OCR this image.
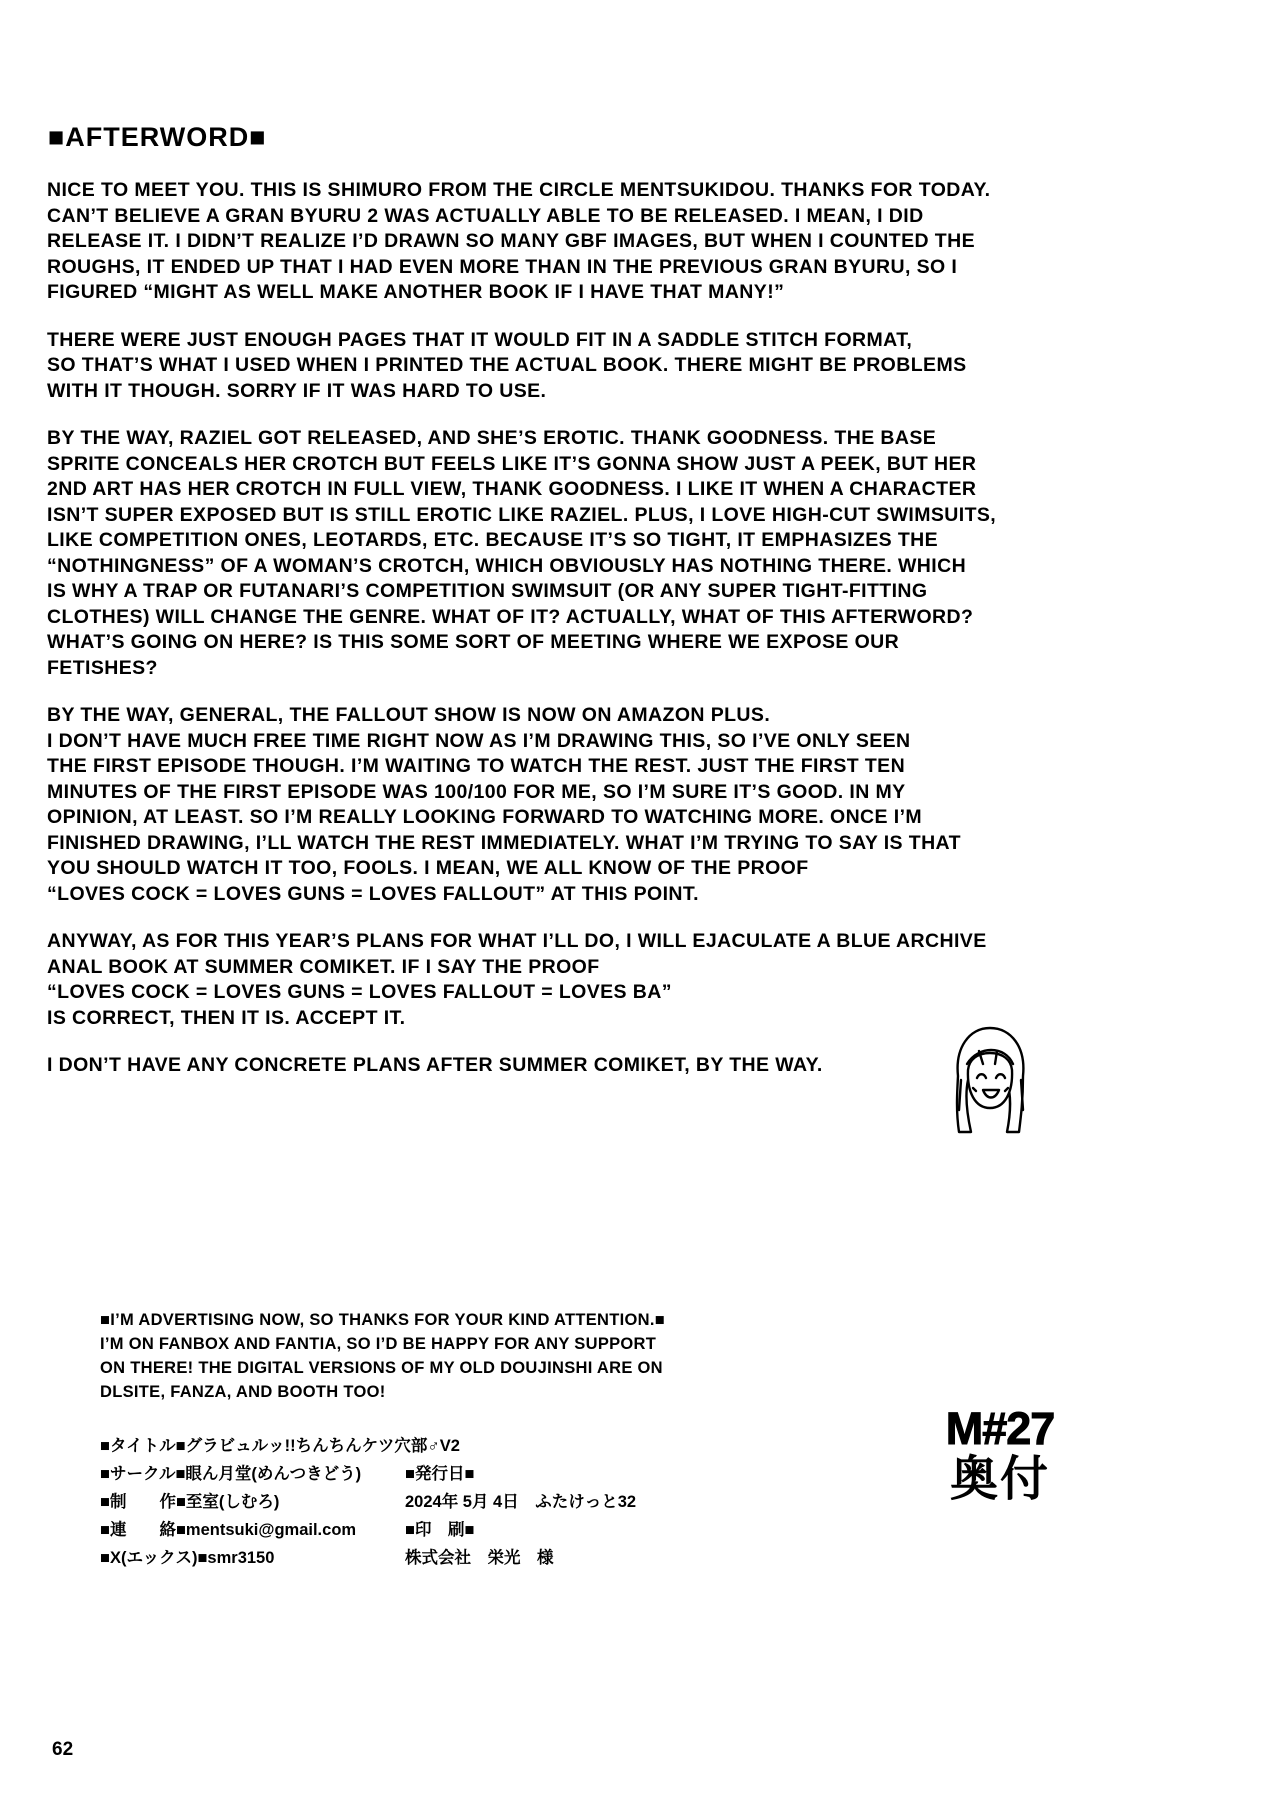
■AFTERWORD■

NICE TO MEET YOU. THIS IS SHIMURO FROM THE CIRCLE MENTSUKIDOU. THANKS FOR TODAY.
CAN’T BELIEVE A GRAN BYURU 2 WAS ACTUALLY ABLE TO BE RELEASED. I MEAN, I DID
RELEASE IT. I DIDN’T REALIZE I’D DRAWN SO MANY GBF IMAGES, BUT WHEN I COUNTED THE
ROUGHS, IT ENDED UP THAT I HAD EVEN MORE THAN IN THE PREVIOUS GRAN BYURU, SO I
FIGURED “MIGHT AS WELL MAKE ANOTHER BOOK IF I HAVE THAT MANY!”

THERE WERE JUST ENOUGH PAGES THAT IT WOULD FIT IN A SADDLE STITCH FORMAT,
SO THAT’S WHAT I USED WHEN I PRINTED THE ACTUAL BOOK. THERE MIGHT BE PROBLEMS
WITH IT THOUGH. SORRY IF IT WAS HARD TO USE.

BY THE WAY, RAZIEL GOT RELEASED, AND SHE’S EROTIC. THANK GOODNESS. THE BASE
SPRITE CONCEALS HER CROTCH BUT FEELS LIKE IT’S GONNA SHOW JUST A PEEK, BUT HER
2ND ART HAS HER CROTCH IN FULL VIEW, THANK GOODNESS. I LIKE IT WHEN A CHARACTER
ISN’T SUPER EXPOSED BUT IS STILL EROTIC LIKE RAZIEL. PLUS, I LOVE HIGH-CUT SWIMSUITS,
LIKE COMPETITION ONES, LEOTARDS, ETC. BECAUSE IT’S SO TIGHT, IT EMPHASIZES THE
“NOTHINGNESS” OF A WOMAN’S CROTCH, WHICH OBVIOUSLY HAS NOTHING THERE. WHICH
IS WHY A TRAP OR FUTANARI’S COMPETITION SWIMSUIT (OR ANY SUPER TIGHT-FITTING
CLOTHES) WILL CHANGE THE GENRE. WHAT OF IT? ACTUALLY, WHAT OF THIS AFTERWORD?
WHAT’S GOING ON HERE? IS THIS SOME SORT OF MEETING WHERE WE EXPOSE OUR
FETISHES?

BY THE WAY, GENERAL, THE FALLOUT SHOW IS NOW ON AMAZON PLUS.
I DON’T HAVE MUCH FREE TIME RIGHT NOW AS I’M DRAWING THIS, SO I’VE ONLY SEEN
THE FIRST EPISODE THOUGH. I’M WAITING TO WATCH THE REST. JUST THE FIRST TEN
MINUTES OF THE FIRST EPISODE WAS 100/100 FOR ME, SO I’M SURE IT’S GOOD. IN MY
OPINION, AT LEAST. SO I’M REALLY LOOKING FORWARD TO WATCHING MORE. ONCE I’M
FINISHED DRAWING, I’LL WATCH THE REST IMMEDIATELY. WHAT I’M TRYING TO SAY IS THAT
YOU SHOULD WATCH IT TOO, FOOLS. I MEAN, WE ALL KNOW OF THE PROOF
“LOVES COCK = LOVES GUNS = LOVES FALLOUT” AT THIS POINT.

ANYWAY, AS FOR THIS YEAR’S PLANS FOR WHAT I’LL DO, I WILL EJACULATE A BLUE ARCHIVE
ANAL BOOK AT SUMMER COMIKET. IF I SAY THE PROOF
“LOVES COCK = LOVES GUNS = LOVES FALLOUT = LOVES BA”
IS CORRECT, THEN IT IS. ACCEPT IT.

I DON’T HAVE ANY CONCRETE PLANS AFTER SUMMER COMIKET, BY THE WAY.

62
■I’M ADVERTISING NOW, SO THANKS FOR YOUR KIND ATTENTION.■
I’M ON FANBOX AND FANTIA, SO I’D BE HAPPY FOR ANY SUPPORT
ON THERE! THE DIGITAL VERSIONS OF MY OLD DOUJINSHI ARE ON
DLSITE, FANZA, AND BOOTH TOO!
■タイトル■グラビュルッ!!ちんちんケツ穴部♂V2
■サークル■眼ん月堂(めんつきどう)	■発行日■
■制　　作■至室(しむろ)	2024年 5月 4日　ふたけっと32
■連　　絡■mentsuki@gmail.com	■印　刷■
■X(エックス)■smr3150	株式会社　栄光　様
M#27
奥付
